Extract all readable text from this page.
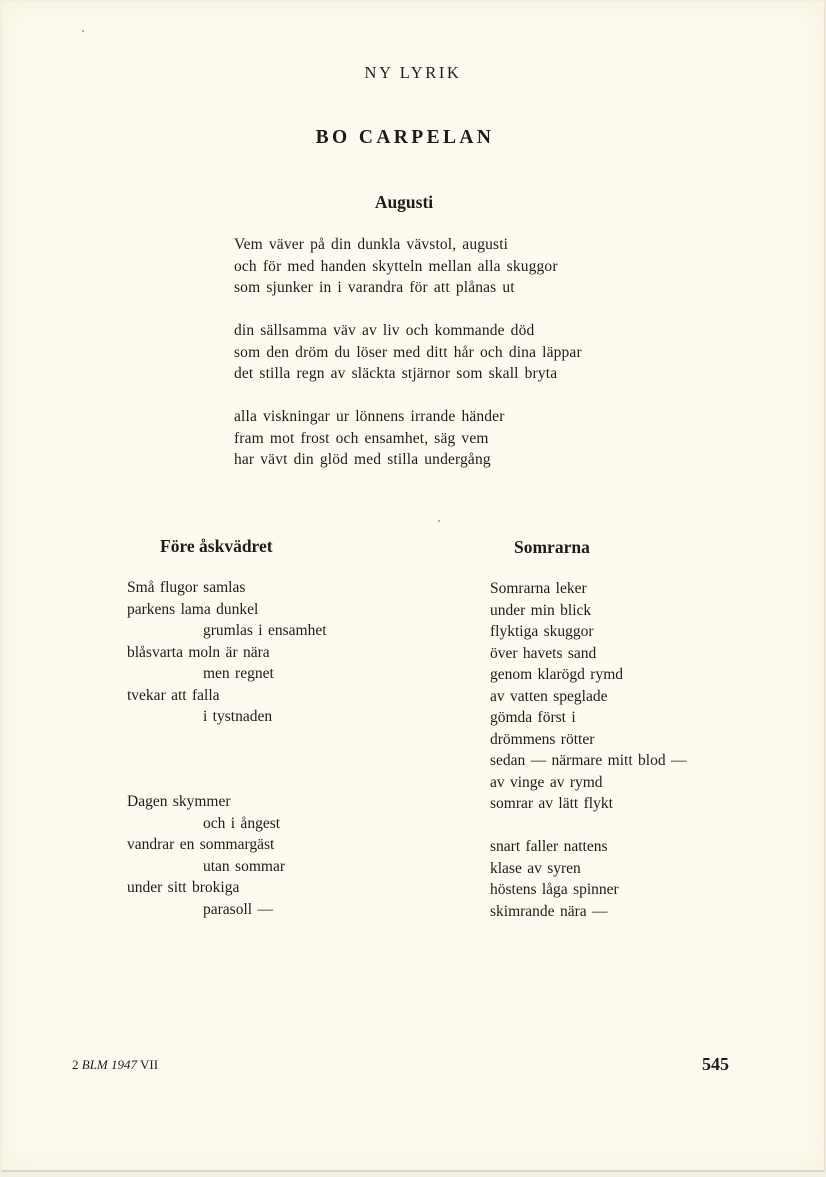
NY LYRIK
BO CARPELAN
Augusti
Vem väver på din dunkla vävstol, augusti
och för med handen skytteln mellan alla skuggor
som sjunker in i varandra för att plånas ut
din sällsamma väv av liv och kommande död
som den dröm du löser med ditt hår och dina läppar
det stilla regn av släckta stjärnor som skall bryta
alla viskningar ur lönnens irrande händer
fram mot frost och ensamhet, säg vem
har vävt din glöd med stilla undergång
Före åskvädret
Små flugor samlas
parkens lama dunkel
grumlas i ensamhet
blåsvarta moln är nära
men regnet
tvekar att falla
i tystnaden
Dagen skymmer
och i ångest
vandrar en sommargäst
utan sommar
under sitt brokiga
parasoll —
Somrarna
Somrarna leker
under min blick
flyktiga skuggor
över havets sand
genom klarögd rymd
av vatten speglade
gömda först i
drömmens rötter
sedan — närmare mitt blod —
av vinge av rymd
somrar av lätt flykt
snart faller nattens
klase av syren
höstens låga spinner
skimrande nära —
2 BLM 1947 VII	545
